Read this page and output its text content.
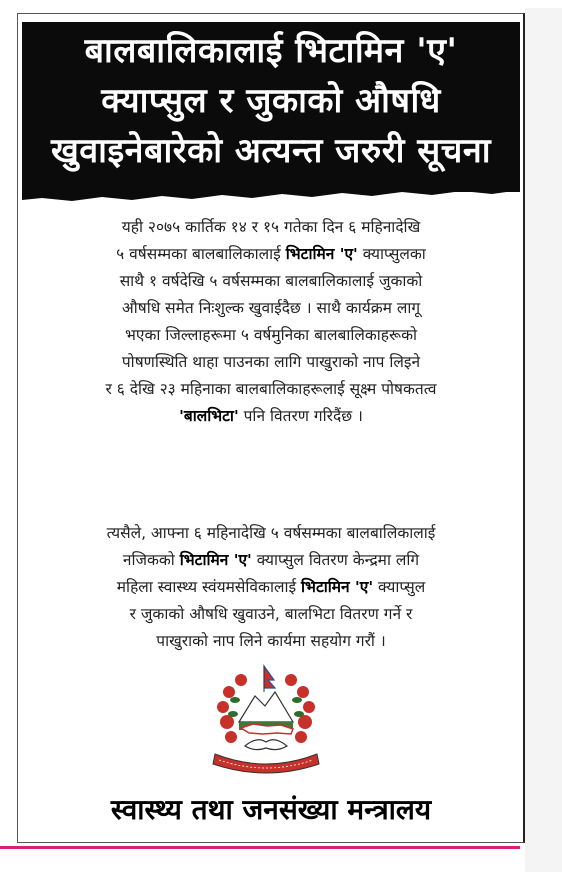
बालबालिकालाई भिटामिन 'ए'
क्याप्सुल र जुकाको औषधि
खुवाइनेबारेको अत्यन्त जरुरी सूचना
यही २०७५ कार्तिक १४ र १५ गतेका दिन ६ महिनादेखि
५ वर्षसम्मका बालबालिकालाई भिटामिन 'ए' क्याप्सुलका
साथै १ वर्षदेखि ५ वर्षसम्मका बालबालिकालाई जुकाको
औषधि समेत निःशुल्क खुवाईदैछ । साथै कार्यक्रम लागू
भएका जिल्लाहरूमा ५ वर्षमुनिका बालबालिकाहरूको
पोषणस्थिति थाहा पाउनका लागि पाखुराको नाप लिइने
र ६ देखि २३ महिनाका बालबालिकाहरूलाई सूक्ष्म पोषकतत्व
'बालभिटा' पनि वितरण गरिदैंछ ।
त्यसैले, आफ्ना ६ महिनादेखि ५ वर्षसम्मका बालबालिकालाई
नजिकको भिटामिन 'ए' क्याप्सुल वितरण केन्द्रमा लगि
महिला स्वास्थ्य स्वंयमसेविकालाई भिटामिन 'ए' क्याप्सुल
र जुकाको औषधि खुवाउने, बालभिटा वितरण गर्ने र
पाखुराको नाप लिने कार्यमा सहयोग गरौं ।
स्वास्थ्य तथा जनसंख्या मन्त्रालय
